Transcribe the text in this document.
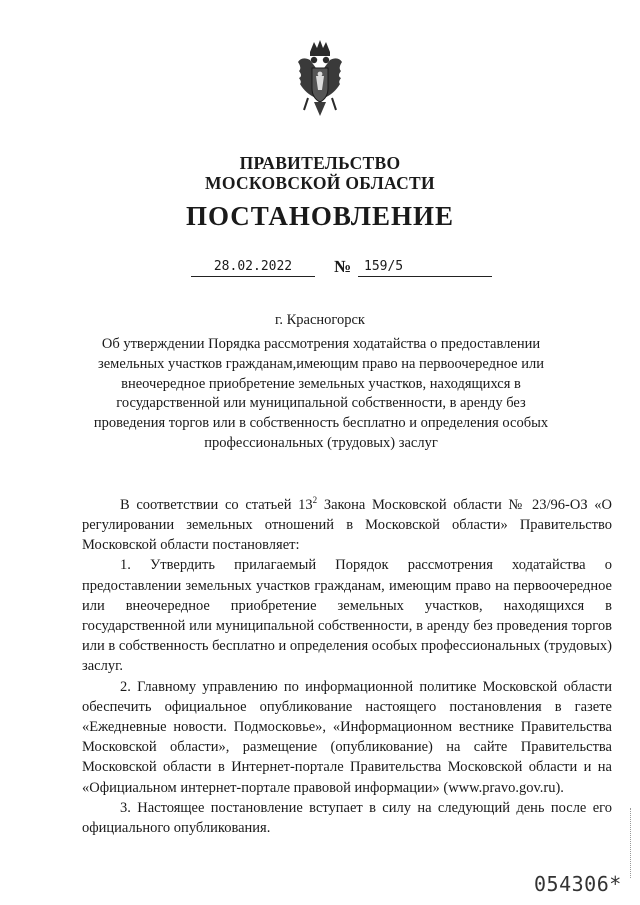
ПРАВИТЕЛЬСТВО
МОСКОВСКОЙ ОБЛАСТИ
ПОСТАНОВЛЕНИЕ
28.02.2022	№ 159/5
г. Красногорск
Об утверждении Порядка рассмотрения ходатайства о предоставлении земельных участков гражданам,имеющим право на первоочередное или внеочередное приобретение земельных участков, находящихся в государственной или муниципальной собственности, в аренду без проведения торгов или в собственность бесплатно и определения особых профессиональных (трудовых) заслуг

В соответствии со статьей $13^2$ Закона Московской области № 23/96-ОЗ «О регулировании земельных отношений в Московской области» Правительство Московской области постановляет:

1. Утвердить прилагаемый Порядок рассмотрения ходатайства о предоставлении земельных участков гражданам, имеющим право на первоочередное или внеочередное приобретение земельных участков, находящихся в государственной или муниципальной собственности, в аренду без проведения торгов или в собственность бесплатно и определения особых профессиональных (трудовых) заслуг.

2. Главному управлению по информационной политике Московской области обеспечить официальное опубликование настоящего постановления в газете «Ежедневные новости. Подмосковье», «Информационном вестнике Правительства Московской области», размещение (опубликование) на сайте Правительства Московской области в Интернет-портале Правительства Московской области и на «Официальном интернет-портале правовой информации» (www.pravo.gov.ru).

3. Настоящее постановление вступает в силу на следующий день после его официального опубликования.

054306*
